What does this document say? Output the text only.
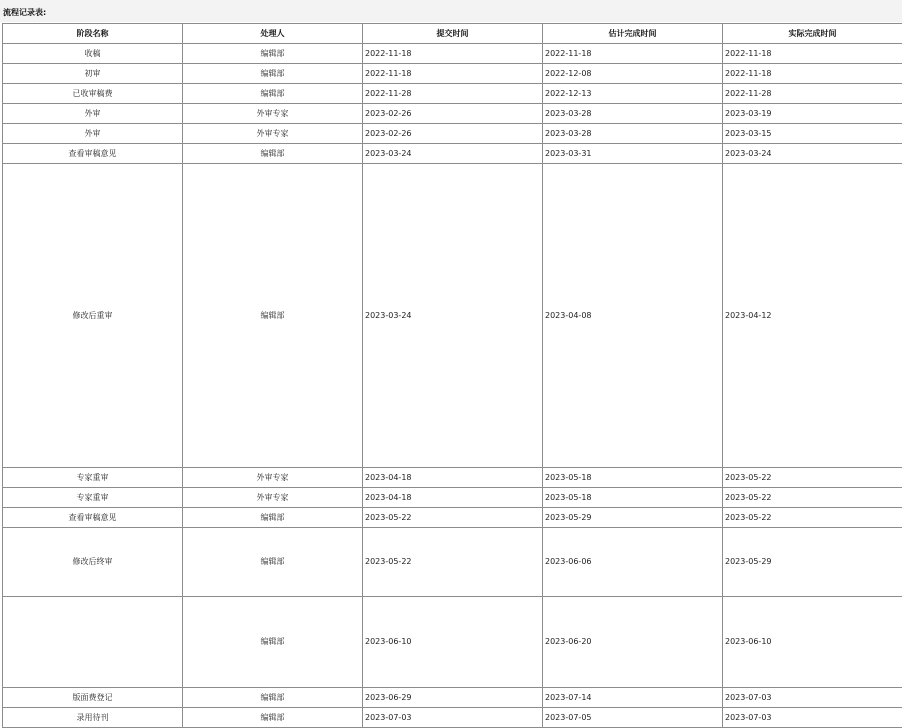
流程记录表:
阶段名称	处理人	提交时间	估计完成时间	实际完成时间
收稿	编辑部	2022-11-18	2022-11-18	2022-11-18
初审	编辑部	2022-11-18	2022-12-08	2022-11-18
已收审稿费	编辑部	2022-11-28	2022-12-13	2022-11-28
外审	外审专家	2023-02-26	2023-03-28	2023-03-19
外审	外审专家	2023-02-26	2023-03-28	2023-03-15
查看审稿意见	编辑部	2023-03-24	2023-03-31	2023-03-24
修改后重审	编辑部	2023-03-24	2023-04-08	2023-04-12
专家重审	外审专家	2023-04-18	2023-05-18	2023-05-22
专家重审	外审专家	2023-04-18	2023-05-18	2023-05-22
查看审稿意见	编辑部	2023-05-22	2023-05-29	2023-05-22
修改后终审	编辑部	2023-05-22	2023-06-06	2023-05-29
	编辑部	2023-06-10	2023-06-20	2023-06-10
版面费登记	编辑部	2023-06-29	2023-07-14	2023-07-03
录用待刊	编辑部	2023-07-03	2023-07-05	2023-07-03
